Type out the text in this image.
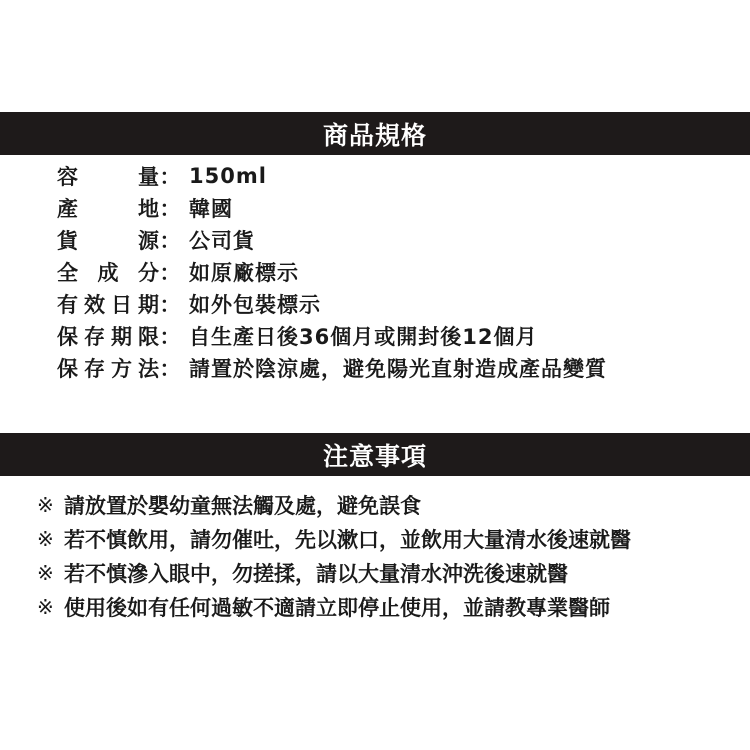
商品規格
容	量 ： 150ml
產	地 ： 韓國
貨	源 ： 公司貨
全 成 分 ： 如原廠標示
有 效 日 期 ： 如外包裝標示
保 存 期 限 ： 自生產日後36個月或開封後12個月
保 存 方 法 ： 請置於陰涼處，避免陽光直射造成產品變質
注意事項
※ 請放置於嬰幼童無法觸及處，避免誤食
※ 若不慎飲用，請勿催吐，先以漱口，並飲用大量清水後速就醫
※ 若不慎滲入眼中，勿搓揉，請以大量清水沖洗後速就醫
※ 使用後如有任何過敏不適請立即停止使用，並請教專業醫師
